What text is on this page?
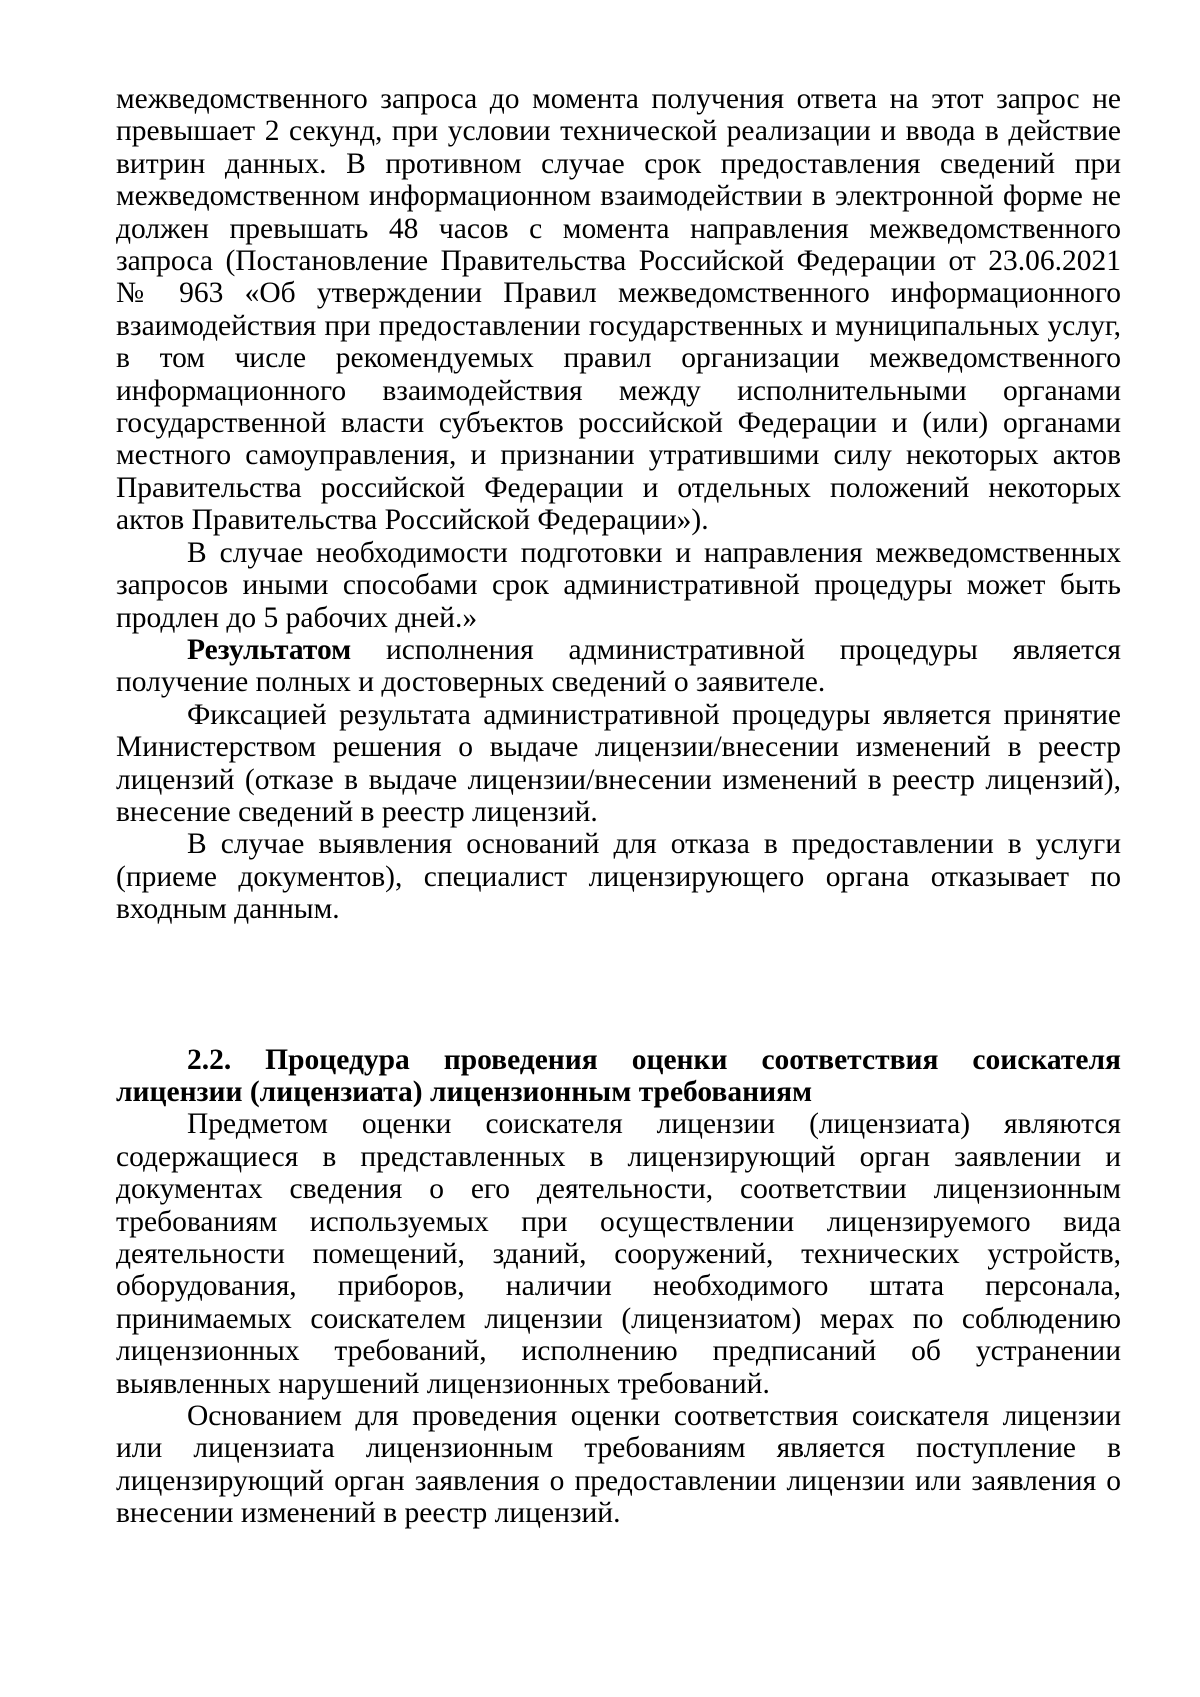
межведомственного запроса до момента получения ответа на этот запрос не превышает 2 секунд, при условии технической реализации и ввода в действие витрин данных. В противном случае срок предоставления сведений при межведомственном информационном взаимодействии в электронной форме не должен превышать 48 часов с момента направления межведомственного запроса (Постановление Правительства Российской Федерации от 23.06.2021 № 963 «Об утверждении Правил межведомственного информационного взаимодействия при предоставлении государственных и муниципальных услуг, в том числе рекомендуемых правил организации межведомственного информационного взаимодействия между исполнительными органами государственной власти субъектов российской Федерации и (или) органами местного самоуправления, и признании утратившими силу некоторых актов Правительства российской Федерации и отдельных положений некоторых актов Правительства Российской Федерации»).

В случае необходимости подготовки и направления межведомственных запросов иными способами срок административной процедуры может быть продлен до 5 рабочих дней.»

Результатом исполнения административной процедуры является получение полных и достоверных сведений о заявителе.

Фиксацией результата административной процедуры является принятие Министерством решения о выдаче лицензии/внесении изменений в реестр лицензий (отказе в выдаче лицензии/внесении изменений в реестр лицензий), внесение сведений в реестр лицензий.

В случае выявления оснований для отказа в предоставлении в услуги (приеме документов), специалист лицензирующего органа отказывает по входным данным.

2.2. Процедура проведения оценки соответствия соискателя лицензии (лицензиата) лицензионным требованиям

Предметом оценки соискателя лицензии (лицензиата) являются содержащиеся в представленных в лицензирующий орган заявлении и документах сведения о его деятельности, соответствии лицензионным требованиям используемых при осуществлении лицензируемого вида деятельности помещений, зданий, сооружений, технических устройств, оборудования, приборов, наличии необходимого штата персонала, принимаемых соискателем лицензии (лицензиатом) мерах по соблюдению лицензионных требований, исполнению предписаний об устранении выявленных нарушений лицензионных требований.

Основанием для проведения оценки соответствия соискателя лицензии или лицензиата лицензионным требованиям является поступление в лицензирующий орган заявления о предоставлении лицензии или заявления о внесении изменений в реестр лицензий.
